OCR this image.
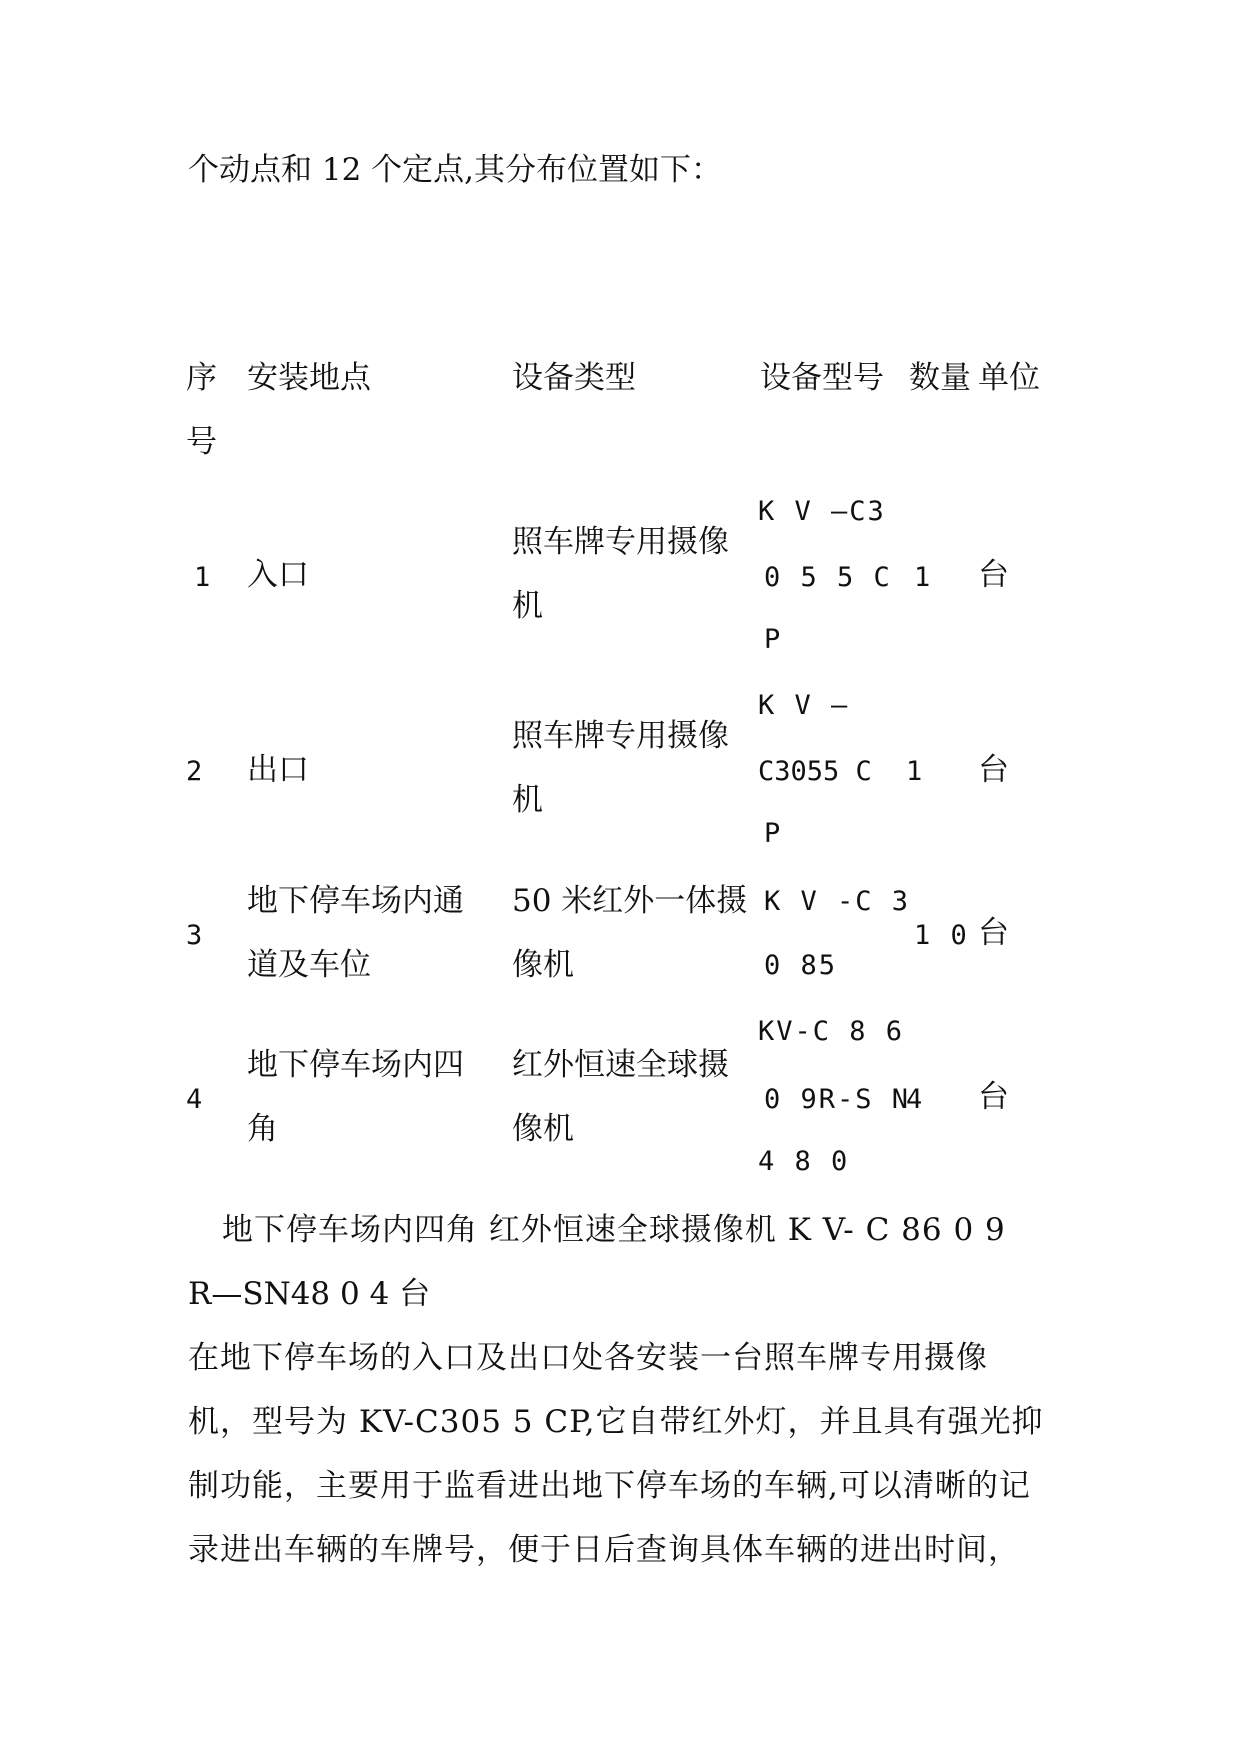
个动点和 12 个定点,其分布位置如下：
序
号
安装地点	设备类型	设备型号 数量 单位
1 入口
照车牌专用摄像
机
K V —C3
0 5 5 C
P
1 台
2 出口
照车牌专用摄像
机
K V —
C3055 C
P
1 台
3
地下停车场内通
道及车位
50 米红外一体摄
像机
K V -C 3
0 85
1 0 台
4
地下停车场内四
角
红外恒速全球摄
像机
KV-C 8 6
0 9R-S N
4 8 0
4 台
地下停车场内四角 红外恒速全球摄像机 K V- C 86 0 9
R—SN48 0 4 台
在地下停车场的入口及出口处各安装一台照车牌专用摄像
机，型号为 KV-C305 5 CP,它自带红外灯，并且具有强光抑
制功能，主要用于监看进出地下停车场的车辆,可以清晰的记
录进出车辆的车牌号，便于日后查询具体车辆的进出时间，
